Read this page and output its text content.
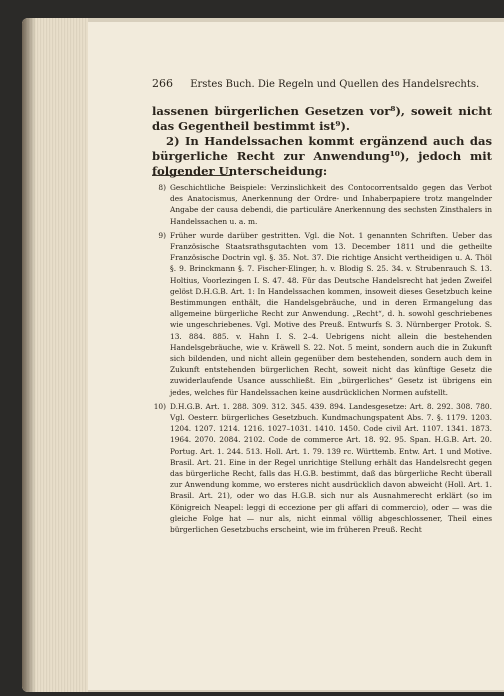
266 Erstes Buch. Die Regeln und Quellen des Handelsrechts.

lassenen bürgerlichen Gesetzen vor⁸), soweit nicht das Gegentheil bestimmt ist⁹).

2) In Handelssachen kommt ergänzend auch das bürgerliche Recht zur Anwendung¹⁰), jedoch mit folgender Unterscheidung:

8) Geschichtliche Beispiele: Verzinslichkeit des Contocorrentsaldo gegen das Verbot des Anatocismus, Anerkennung der Ordre- und Inhaberpapiere trotz mangelnder Angabe der causa debendi, die particuläre Anerkennung des sechsten Zinsthalers in Handelssachen u. a. m.
9) Früher wurde darüber gestritten. Vgl. die Not. 1 genannten Schriften. Ueber das Französische Staatsrathsgutachten vom 13. December 1811 und die getheilte Französische Doctrin vgl. §. 35. Not. 37. Die richtige Ansicht vertheidigen u. A. Thöl §. 9. Brinckmann §. 7. Fischer-Elinger, h. v. Blodig S. 25. 34. v. Strubenrauch S. 13. Holtius, Voorlezingen I. S. 47. 48. Für das Deutsche Handelsrecht hat jeden Zweifel gelöst D.H.G.B. Art. 1: In Handelssachen kommen, insoweit dieses Gesetzbuch keine Bestimmungen enthält, die Handelsgebräuche, und in deren Ermangelung das allgemeine bürgerliche Recht zur Anwendung. „Recht“, d. h. sowohl geschriebenes wie ungeschriebenes. Vgl. Motive des Preuß. Entwurfs S. 3. Nürnberger Protok. S. 13. 884. 885. v. Hahn I. S. 2–4. Uebrigens nicht allein die bestehenden Handelsgebräuche, wie v. Kräwell S. 22. Not. 5 meint, sondern auch die in Zukunft sich bildenden, und nicht allein gegenüber dem bestehenden, sondern auch dem in Zukunft entstehenden bürgerlichen Recht, soweit nicht das künftige Gesetz die zuwiderlaufende Usance ausschließt. Ein „bürgerliches“ Gesetz ist übrigens ein jedes, welches für Handelssachen keine ausdrücklichen Normen aufstellt.
10) D.H.G.B. Art. 1. 288. 309. 312. 345. 439. 894. Landesgesetze: Art. 8. 292. 308. 780. Vgl. Oesterr. bürgerliches Gesetzbuch. Kundmachungspatent Abs. 7. §. 1179. 1203. 1204. 1207. 1214. 1216. 1027–1031. 1410. 1450. Code civil Art. 1107. 1341. 1873. 1964. 2070. 2084. 2102. Code de commerce Art. 18. 92. 95. Span. H.G.B. Art. 20. Portug. Art. 1. 244. 513. Holl. Art. 1. 79. 139 rc. Württemb. Entw. Art. 1 und Motive. Brasil. Art. 21. Eine in der Regel unrichtige Stellung erhält das Handelsrecht gegen das bürgerliche Recht, falls das H.G.B. bestimmt, daß das bürgerliche Recht überall zur Anwendung komme, wo ersteres nicht ausdrücklich davon abweicht (Holl. Art. 1. Brasil. Art. 21), oder wo das H.G.B. sich nur als Ausnahmerecht erklärt (so im Königreich Neapel: leggi di eccezione per gli affari di commercio), oder — was die gleiche Folge hat — nur als, nicht einmal völlig abgeschlossener, Theil eines bürgerlichen Gesetzbuchs erscheint, wie im früheren Preuß. Recht
